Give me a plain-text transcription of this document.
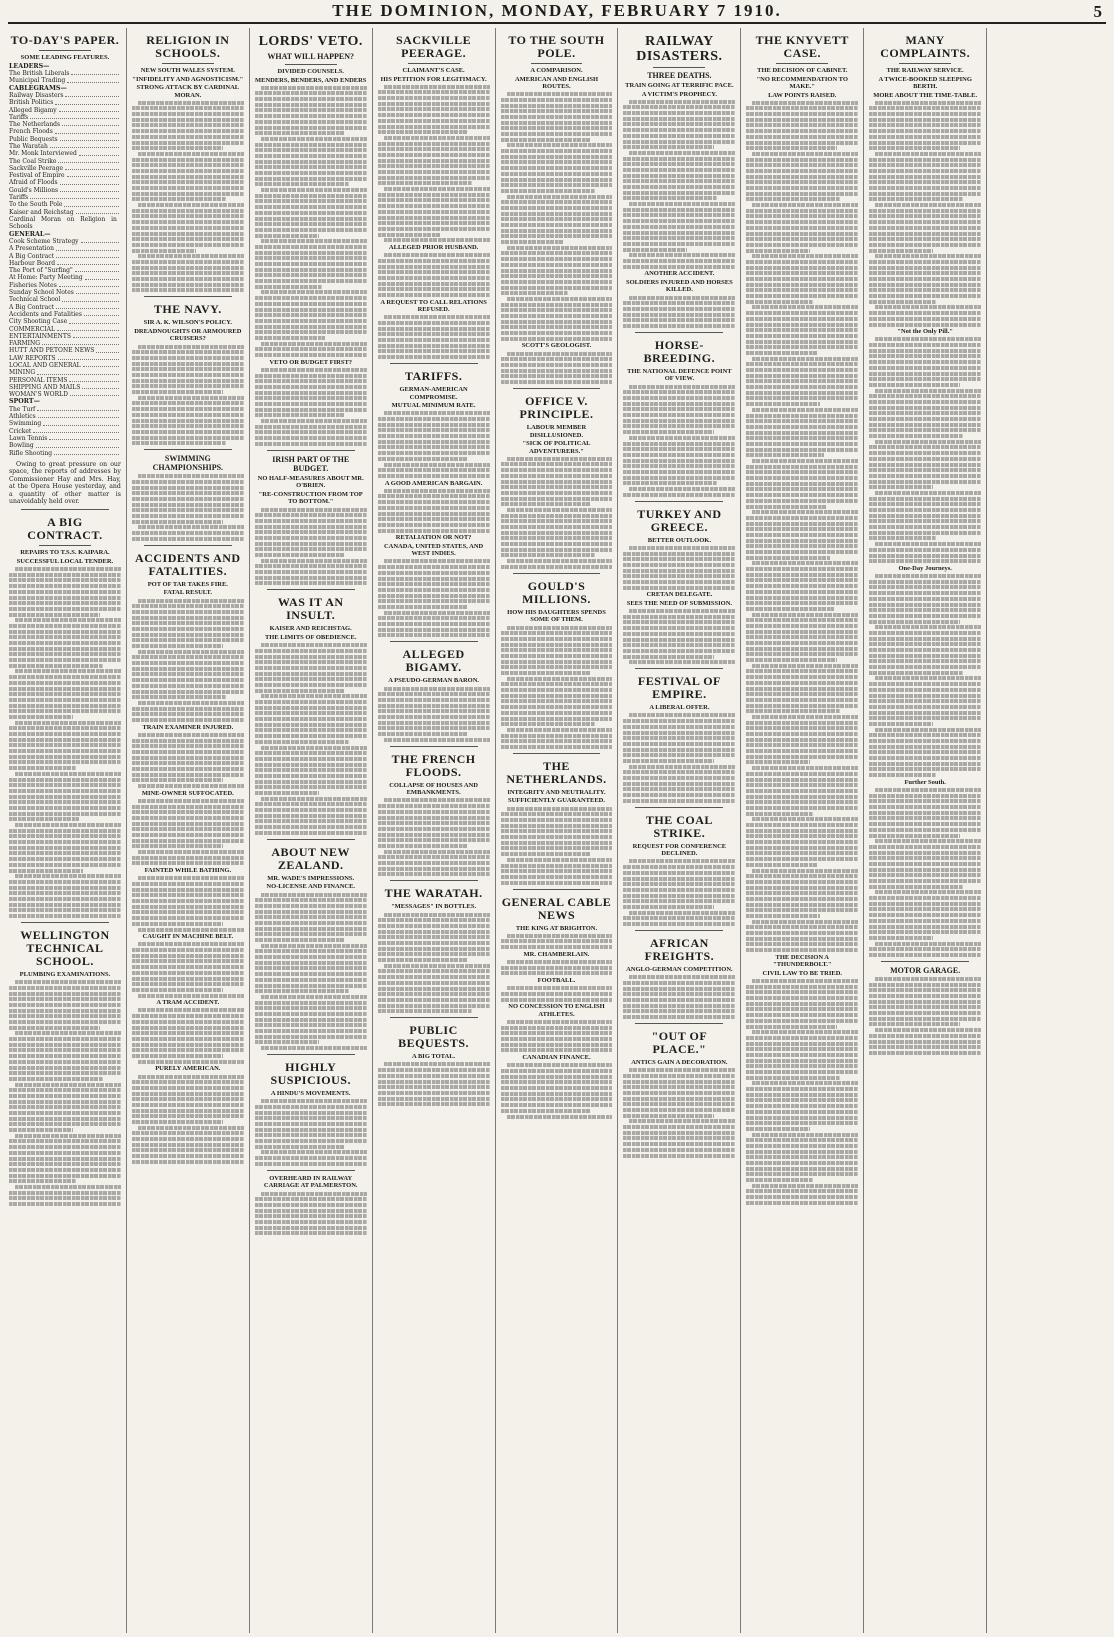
THE DOMINION, MONDAY, FEBRUARY 7 1910.	5
TO-DAY'S PAPER.
SOME LEADING FEATURES.
LEADERS—
The British Liberals
Municipal Trading
CABLEGRAMS—
Railway Disasters
British Politics
Alleged Bigamy
Tariffs
The Netherlands
French Floods
Public Bequests
The Waratah
Mr. Monk Interviewed
The Coal Strike
Sackville Peerage
Festival of Empire
Afraid of Floods
Gould's Millions
Tariffs
To the South Pole
Kaiser and Reichstag
Cardinal Moran on Religion in Schools
GENERAL—
Cook Scheme Strategy
A Presentation
A Big Contract
Harbour Board
The Port of "Surfing"
At Home: Party Meeting
Fisheries Notes
Sunday School Notes
Technical School
A Big Contract
Accidents and Fatalities
City Shooting Case
COMMERCIAL
ENTERTAINMENTS
FARMING
HUTT AND PETONE NEWS
LAW REPORTS
LOCAL AND GENERAL
MINING
PERSONAL ITEMS
SHIPPING AND MAILS
WOMAN'S WORLD
SPORT—
The Turf
Athletics
Swimming
Cricket
Lawn Tennis
Bowling
Rifle Shooting

Owing to great pressure on our space, the reports of addresses by Commissioner Hay and Mrs. Hay, at the Opera House yesterday, and a quantity of other matter is unavoidably held over.

A BIG CONTRACT.
REPAIRS TO T.S.S. KAIPARA.
SUCCESSFUL LOCAL TENDER.
WELLINGTON TECHNICAL SCHOOL.
PLUMBING EXAMINATIONS.
RELIGION IN SCHOOLS.
NEW SOUTH WALES SYSTEM.
"INFIDELITY AND AGNOSTICISM."
STRONG ATTACK BY CARDINAL MORAN.
THE NAVY.
SIR A. K. WILSON'S POLICY.
DREADNOUGHTS OR ARMOURED CRUISERS?
SWIMMING CHAMPIONSHIPS.
ACCIDENTS AND FATALITIES.
POT OF TAR TAKES FIRE.
FATAL RESULT.
TRAIN EXAMINER INJURED.
MINE-OWNER SUFFOCATED.
FAINTED WHILE BATHING.
CAUGHT IN MACHINE BELT.
A TRAM ACCIDENT.
PURELY AMERICAN.
LORDS' VETO.
WHAT WILL HAPPEN?
DIVIDED COUNSELS.
MENDERS, BENDERS, AND ENDERS
VETO OR BUDGET FIRST?
IRISH PART OF THE BUDGET.
NO HALF-MEASURES ABOUT MR. O'BRIEN.
"RE-CONSTRUCTION FROM TOP TO BOTTOM."
WAS IT AN INSULT.
KAISER AND REICHSTAG.
THE LIMITS OF OBEDIENCE.
ABOUT NEW ZEALAND.
MR. WADE'S IMPRESSIONS.
NO-LICENSE AND FINANCE.
HIGHLY SUSPICIOUS.
A HINDU'S MOVEMENTS.
OVERHEARD IN RAILWAY CARRIAGE AT PALMERSTON.
SACKVILLE PEERAGE.
CLAIMANT'S CASE.
HIS PETITION FOR LEGITIMACY.
ALLEGED PRIOR HUSBAND.
A REQUEST TO CALL RELATIONS REFUSED.
TARIFFS.
GERMAN-AMERICAN COMPROMISE.
MUTUAL MINIMUM RATE.
A GOOD AMERICAN BARGAIN.
RETALIATION OR NOT?
CANADA, UNITED STATES, AND WEST INDIES.
ALLEGED BIGAMY.
A PSEUDO-GERMAN BARON.
THE FRENCH FLOODS.
COLLAPSE OF HOUSES AND EMBANKMENTS.
THE WARATAH.
"MESSAGES" IN BOTTLES.
PUBLIC BEQUESTS.
A BIG TOTAL.
TO THE SOUTH POLE.
A COMPARISON.
AMERICAN AND ENGLISH ROUTES.
SCOTT'S GEOLOGIST.
OFFICE V. PRINCIPLE.
LABOUR MEMBER DISILLUSIONED.
"SICK OF POLITICAL ADVENTURERS."
GOULD'S MILLIONS.
HOW HIS DAUGHTERS SPENDS SOME OF THEM.
THE NETHERLANDS.
INTEGRITY AND NEUTRALITY.
SUFFICIENTLY GUARANTEED.
GENERAL CABLE NEWS
THE KING AT BRIGHTON.
MR. CHAMBERLAIN.
FOOTBALL.
NO CONCESSION TO ENGLISH ATHLETES.
CANADIAN FINANCE.
RAILWAY DISASTERS.
THREE DEATHS.
TRAIN GOING AT TERRIFIC PACE.
A VICTIM'S PROPHECY.
ANOTHER ACCIDENT.
SOLDIERS INJURED AND HORSES KILLED.
HORSE-BREEDING.
THE NATIONAL DEFENCE POINT OF VIEW.
TURKEY AND GREECE.
BETTER OUTLOOK.
CRETAN DELEGATE.
SEES THE NEED OF SUBMISSION.
FESTIVAL OF EMPIRE.
A LIBERAL OFFER.
THE COAL STRIKE.
REQUEST FOR CONFERENCE DECLINED.
AFRICAN FREIGHTS.
ANGLO-GERMAN COMPETITION.
"OUT OF PLACE."
ANTICS GAIN A DECORATION.
THE KNYVETT CASE.
THE DECISION OF CABINET.
"NO RECOMMENDATION TO MAKE."
LAW POINTS RAISED.
THE DECISION A "THUNDERBOLT."
CIVIL LAW TO BE TRIED.
MANY COMPLAINTS.
THE RAILWAY SERVICE.
A TWICE-BOOKED SLEEPING BERTH.
MORE ABOUT THE TIME-TABLE.
"Not the Only Pill."
One-Day Journeys.
Further South.
MOTOR GARAGE.
